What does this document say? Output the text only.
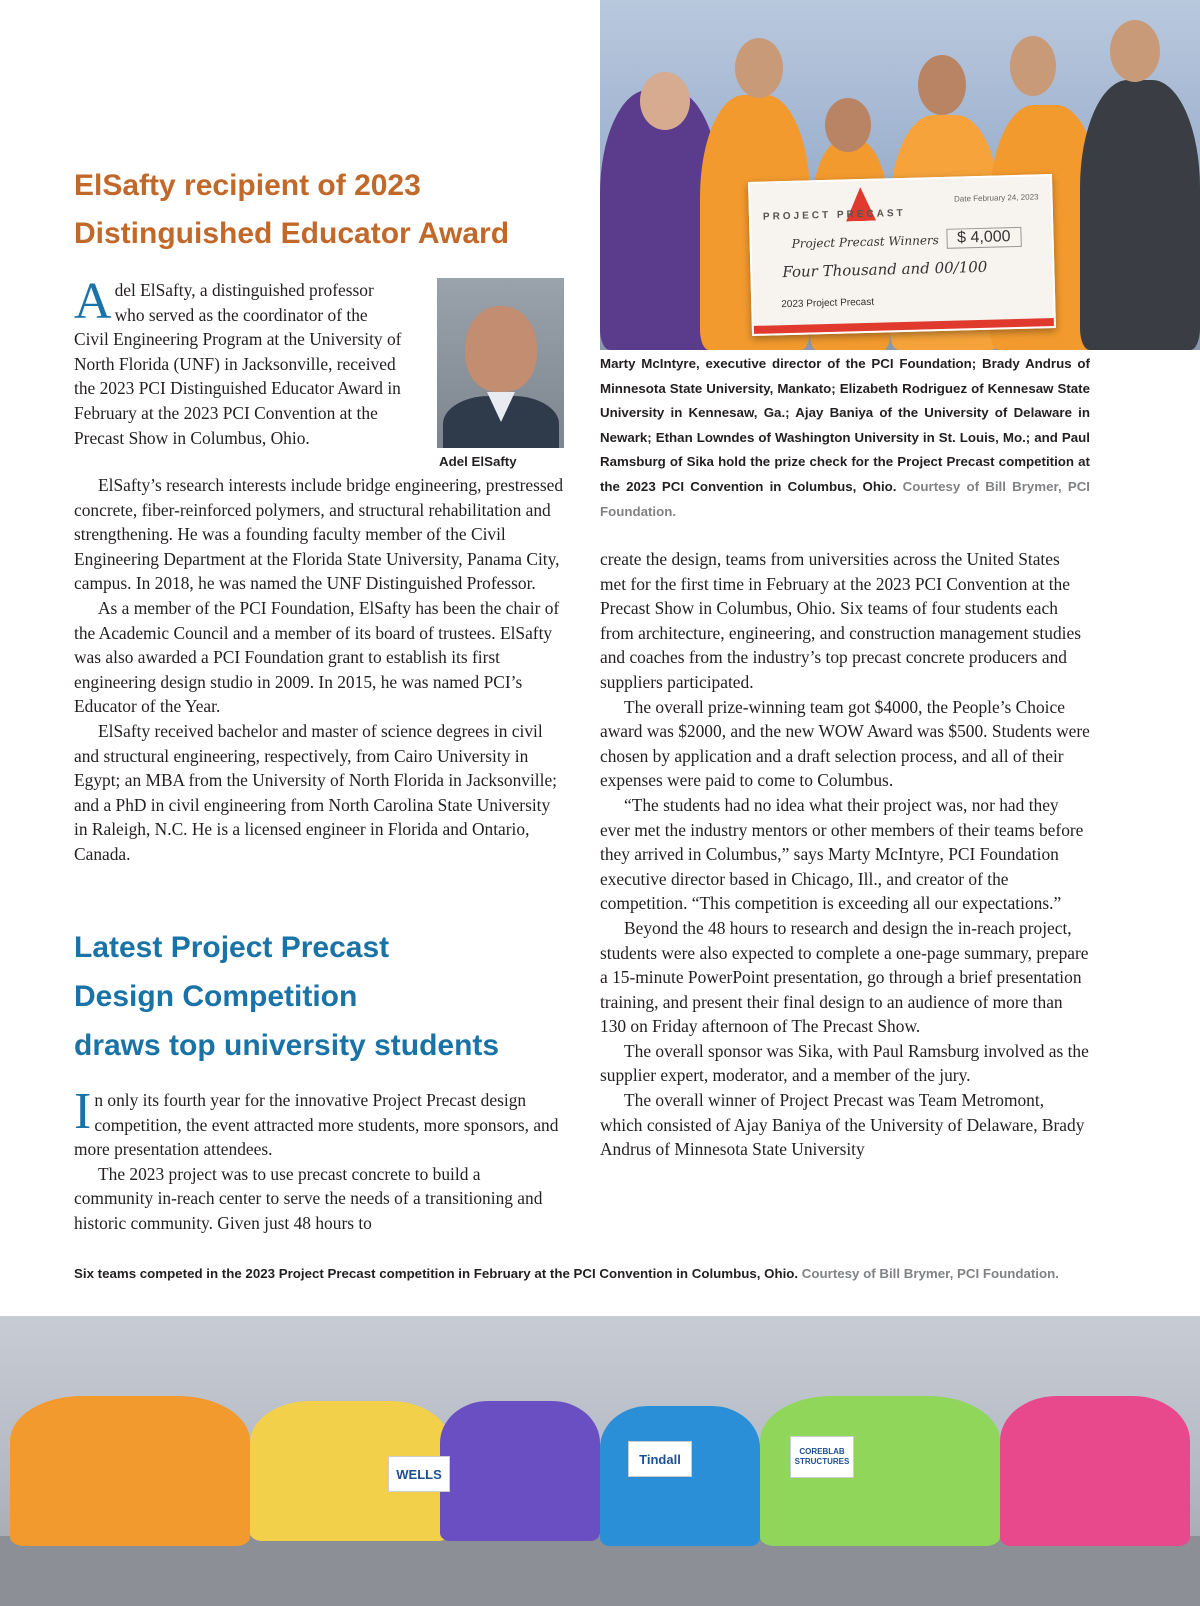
PROJECT PRECAST
Date February 24, 2023
Project Precast Winners	$ 4,000
Four Thousand and 00/100
2023 Project Precast
Marty McIntyre, executive director of the PCI Foundation; Brady Andrus of Minnesota State University, Mankato; Elizabeth Rodriguez of Kennesaw State University in Kennesaw, Ga.; Ajay Baniya of the University of Delaware in Newark; Ethan Lowndes of Washington University in St. Louis, Mo.; and Paul Ramsburg of Sika hold the prize check for the Project Precast competition at the 2023 PCI Convention in Columbus, Ohio. Courtesy of Bill Brymer, PCI Foundation.
ElSafty recipient of 2023
Distinguished Educator Award
Adel ElSafty

Adel ElSafty, a distinguished professor who served as the coordinator of the Civil Engineering Program at the University of North Florida (UNF) in Jacksonville, received the 2023 PCI Distinguished Educator Award in February at the 2023 PCI Convention at the Precast Show in Columbus, Ohio.

ElSafty’s research interests include bridge engineering, prestressed concrete, fiber-reinforced polymers, and structural rehabilitation and strengthening. He was a founding faculty member of the Civil Engineering Department at the Florida State University, Panama City, campus. In 2018, he was named the UNF Distinguished Professor.

As a member of the PCI Foundation, ElSafty has been the chair of the Academic Council and a member of its board of trustees. ElSafty was also awarded a PCI Foundation grant to establish its first engineering design studio in 2009. In 2015, he was named PCI’s Educator of the Year.

ElSafty received bachelor and master of science degrees in civil and structural engineering, respectively, from Cairo University in Egypt; an MBA from the University of North Florida in Jacksonville; and a PhD in civil engineering from North Carolina State University in Raleigh, N.C. He is a licensed engineer in Florida and Ontario, Canada.

Latest Project Precast
Design Competition
draws top university students

In only its fourth year for the innovative Project Precast design competition, the event attracted more students, more sponsors, and more presentation attendees.

The 2023 project was to use precast concrete to build a community in-reach center to serve the needs of a transitioning and historic community. Given just 48 hours to

create the design, teams from universities across the United States met for the first time in February at the 2023 PCI Convention at the Precast Show in Columbus, Ohio. Six teams of four students each from architecture, engineering, and construction management studies and coaches from the industry’s top precast concrete producers and suppliers participated.

The overall prize-winning team got $4000, the People’s Choice award was $2000, and the new WOW Award was $500. Students were chosen by application and a draft selection process, and all of their expenses were paid to come to Columbus.

“The students had no idea what their project was, nor had they ever met the industry mentors or other members of their teams before they arrived in Columbus,” says Marty McIntyre, PCI Foundation executive director based in Chicago, Ill., and creator of the competition. “This competition is exceeding all our expectations.”

Beyond the 48 hours to research and design the in-reach project, students were also expected to complete a one-page summary, prepare a 15-minute PowerPoint presentation, go through a brief presentation training, and present their final design to an audience of more than 130 on Friday afternoon of The Precast Show.

The overall sponsor was Sika, with Paul Ramsburg involved as the supplier expert, moderator, and a member of the jury.

The overall winner of Project Precast was Team Metromont, which consisted of Ajay Baniya of the University of Delaware, Brady Andrus of Minnesota State University

Six teams competed in the 2023 Project Precast competition in February at the PCI Convention in Columbus, Ohio. Courtesy of Bill Brymer, PCI Foundation.
WELLS
Tindall	COREBLAB STRUCTURES
